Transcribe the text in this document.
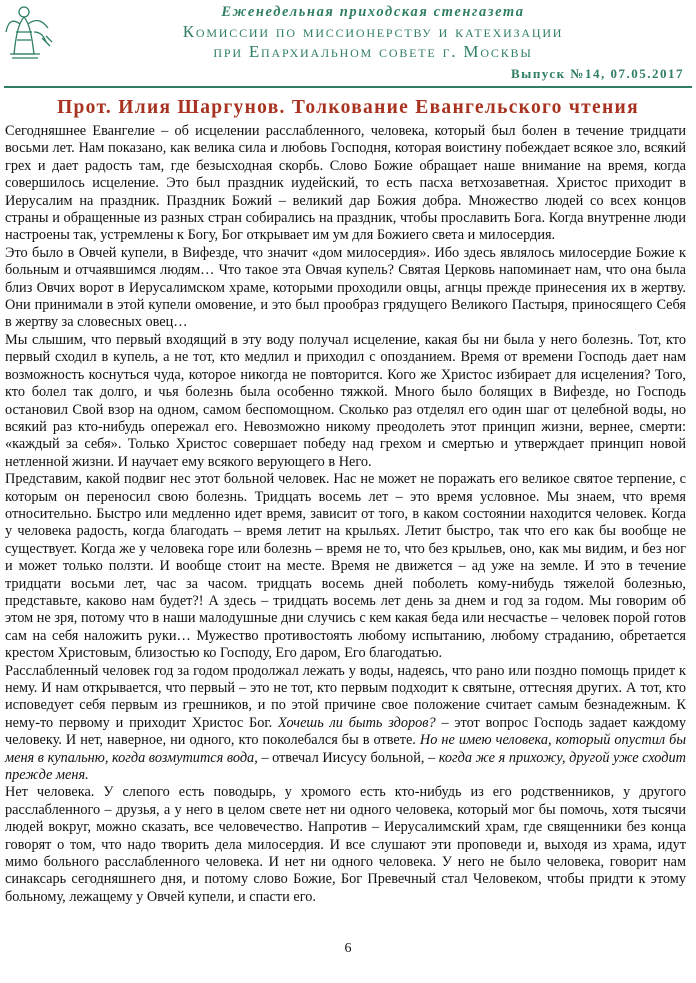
Еженедельная приходская стенгазета
Комиссии по миссионерству и катехизации
при Епархиальном совете г. Москвы
Выпуск №14, 07.05.2017
Прот. Илия Шаргунов. Толкование Евангельского чтения

Сегодняшнее Евангелие – об исцелении расслабленного, человека, который был болен в течение тридцати восьми лет. Нам показано, как велика сила и любовь Господня, которая воистину побеждает всякое зло, всякий грех и дает радость там, где безысходная скорбь. Слово Божие обращает наше внимание на время, когда совершилось исцеление. Это был праздник иудейский, то есть пасха ветхозаветная. Христос приходит в Иерусалим на праздник. Праздник Божий – великий дар Божия добра. Множество людей со всех концов страны и обращенные из разных стран собирались на праздник, чтобы прославить Бога. Когда внутренне люди настроены так, устремлены к Богу, Бог открывает им ум для Божиего света и милосердия.

Это было в Овчей купели, в Вифезде, что значит «дом милосердия». Ибо здесь являлось милосердие Божие к больным и отчаявшимся людям… Что такое эта Овчая купель? Святая Церковь напоминает нам, что она была близ Овчих ворот в Иерусалимском храме, которыми проходили овцы, агнцы прежде принесения их в жертву. Они принимали в этой купели омовение, и это был прообраз грядущего Великого Пастыря, приносящего Себя в жертву за словесных овец…

Мы слышим, что первый входящий в эту воду получал исцеление, какая бы ни была у него болезнь. Тот, кто первый сходил в купель, а не тот, кто медлил и приходил с опозданием. Время от времени Господь дает нам возможность коснуться чуда, которое никогда не повторится. Кого же Христос избирает для исцеления? Того, кто болел так долго, и чья болезнь была особенно тяжкой. Много было болящих в Вифезде, но Господь остановил Свой взор на одном, самом беспомощном. Сколько раз отделял его один шаг от целебной воды, но всякий раз кто-нибудь опережал его. Невозможно никому преодолеть этот принцип жизни, вернее, смерти: «каждый за себя». Только Христос совершает победу над грехом и смертью и утверждает принцип новой нетленной жизни. И научает ему всякого верующего в Него.

Представим, какой подвиг нес этот больной человек. Нас не может не поражать его великое святое терпение, с которым он переносил свою болезнь. Тридцать восемь лет – это время условное. Мы знаем, что время относительно. Быстро или медленно идет время, зависит от того, в каком состоянии находится человек. Когда у человека радость, когда благодать – время летит на крыльях. Летит быстро, так что его как бы вообще не существует. Когда же у человека горе или болезнь – время не то, что без крыльев, оно, как мы видим, и без ног и может только ползти. И вообще стоит на месте. Время не движется – ад уже на земле. И это в течение тридцати восьми лет, час за часом. тридцать восемь дней поболеть кому-нибудь тяжелой болезнью, представьте, каково нам будет?! А здесь – тридцать восемь лет день за днем и год за годом. Мы говорим об этом не зря, потому что в наши малодушные дни случись с кем какая беда или несчастье – человек порой готов сам на себя наложить руки… Мужество противостоять любому испытанию, любому страданию, обретается крестом Христовым, близостью ко Господу, Его даром, Его благодатью.

Расслабленный человек год за годом продолжал лежать у воды, надеясь, что рано или поздно помощь придет к нему. И нам открывается, что первый – это не тот, кто первым подходит к святыне, оттесняя других. А тот, кто исповедует себя первым из грешников, и по этой причине свое положение считает самым безнадежным. К нему-то первому и приходит Христос Бог. Хочешь ли быть здоров? – этот вопрос Господь задает каждому человеку. И нет, наверное, ни одного, кто поколебался бы в ответе. Но не имею человека, который опустил бы меня в купальню, когда возмутится вода, – отвечал Иисусу больной, – когда же я прихожу, другой уже сходит прежде меня.

Нет человека. У слепого есть поводырь, у хромого есть кто-нибудь из его родственников, у другого расслабленного – друзья, а у него в целом свете нет ни одного человека, который мог бы помочь, хотя тысячи людей вокруг, можно сказать, все человечество. Напротив – Иерусалимский храм, где священники без конца говорят о том, что надо творить дела милосердия. И все слушают эти проповеди и, выходя из храма, идут мимо больного расслабленного человека. И нет ни одного человека. У него не было человека, говорит нам синаксарь сегодняшнего дня, и потому слово Божие, Бог Превечный стал Человеком, чтобы придти к этому больному, лежащему у Овчей купели, и спасти его.

6
